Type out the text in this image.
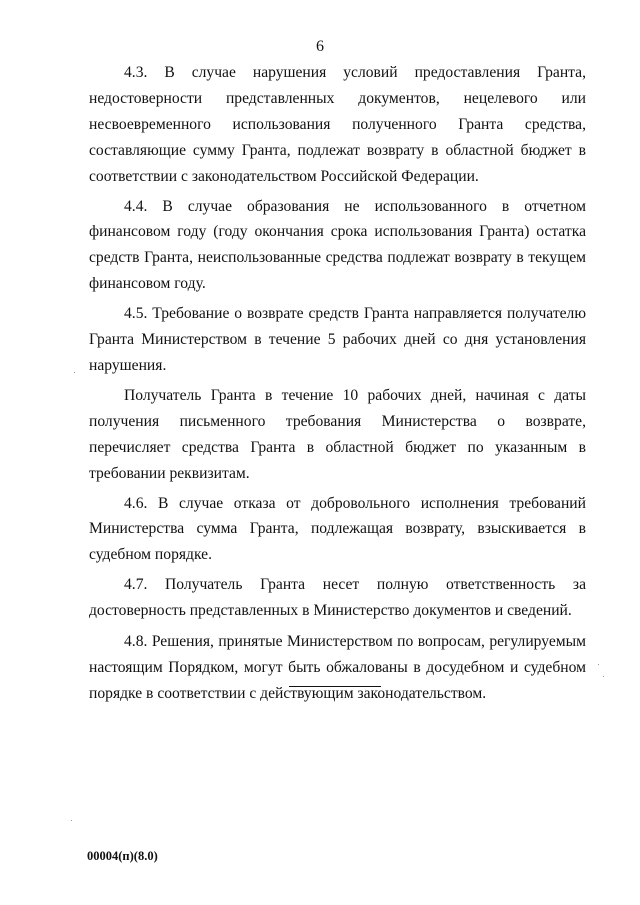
6

4.3. В случае нарушения условий предоставления Гранта, недостоверности представленных документов, нецелевого или несвоевременного использования полученного Гранта средства, составляющие сумму Гранта, подлежат возврату в областной бюджет в соответствии с законодательством Российской Федерации.

4.4. В случае образования не использованного в отчетном финансовом году (году окончания срока использования Гранта) остатка средств Гранта, неиспользованные средства подлежат возврату в текущем финансовом году.

4.5. Требование о возврате средств Гранта направляется получателю Гранта Министерством в течение 5 рабочих дней со дня установления нарушения.

Получатель Гранта в течение 10 рабочих дней, начиная с даты получения письменного требования Министерства о возврате, перечисляет средства Гранта в областной бюджет по указанным в требовании реквизитам.

4.6. В случае отказа от добровольного исполнения требований Министерства сумма Гранта, подлежащая возврату, взыскивается в судебном порядке.

4.7. Получатель Гранта несет полную ответственность за достоверность представленных в Министерство документов и сведений.

4.8. Решения, принятые Министерством по вопросам, регулируемым настоящим Порядком, могут быть обжалованы в досудебном и судебном порядке в соответствии с действующим законодательством.

00004(п)(8.0)
